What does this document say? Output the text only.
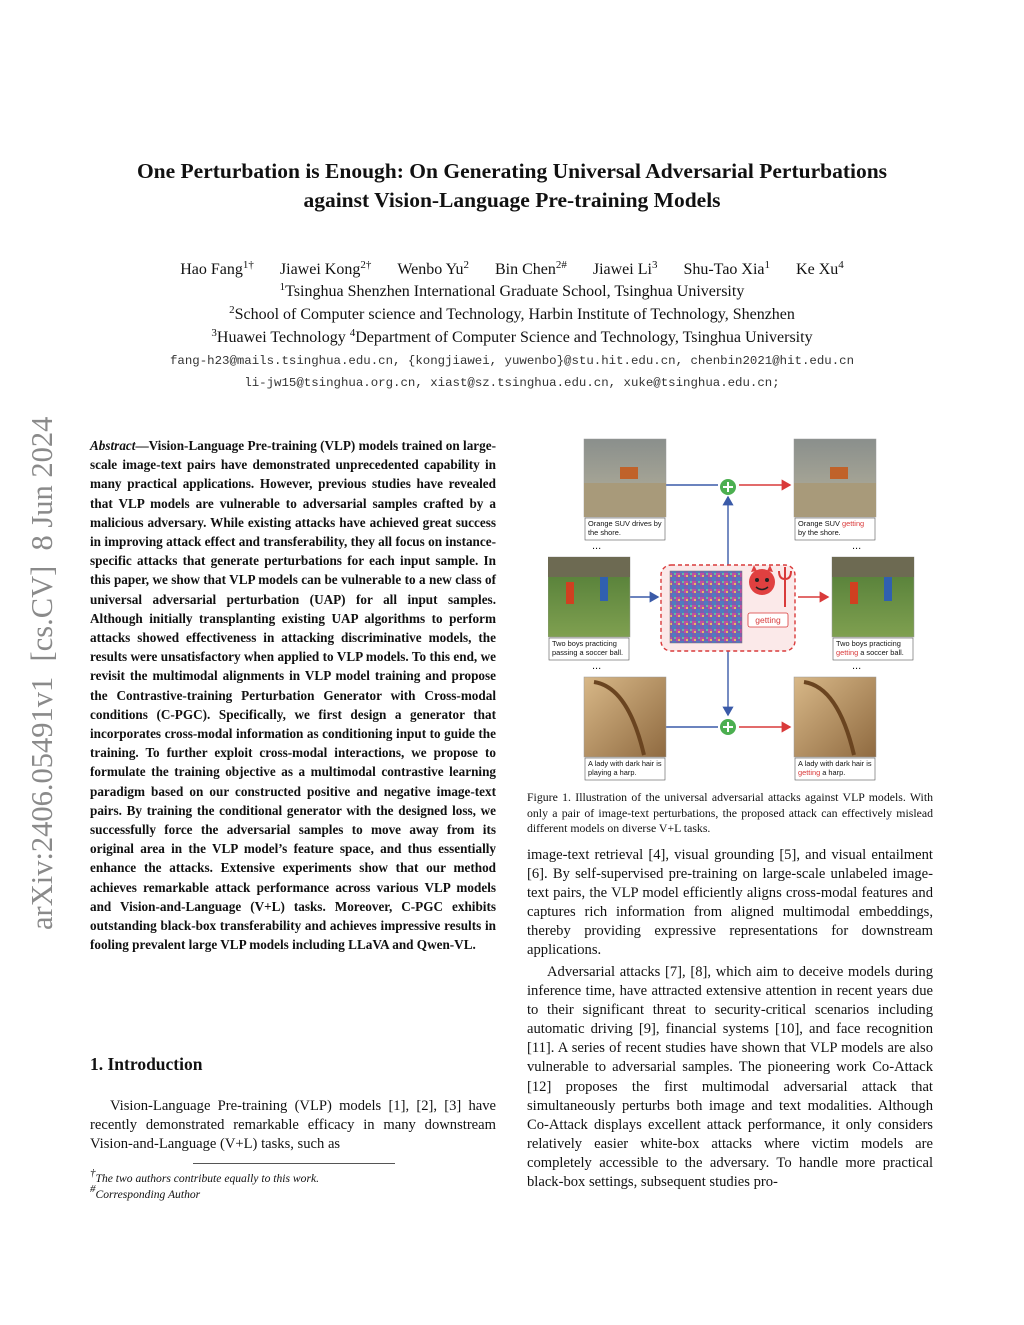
arXiv:2406.05491v1  [cs.CV]  8 Jun 2024
One Perturbation is Enough: On Generating Universal Adversarial Perturbations
against Vision-Language Pre-training Models
Hao Fang$^{1\dagger}$ Jiawei Kong$^{2\dagger}$ Wenbo Yu$^2$ Bin Chen$^{2\#}$ Jiawei Li$^3$ Shu-Tao Xia$^1$ Ke Xu$^4$
$^1$Tsinghua Shenzhen International Graduate School, Tsinghua University
$^2$School of Computer science and Technology, Harbin Institute of Technology, Shenzhen
$^3$Huawei Technology $^4$Department of Computer Science and Technology, Tsinghua University
fang-h23@mails.tsinghua.edu.cn, {kongjiawei, yuwenbo}@stu.hit.edu.cn, chenbin2021@hit.edu.cn
li-jw15@tsinghua.org.cn, xiast@sz.tsinghua.edu.cn, xuke@tsinghua.edu.cn;
Abstract—Vision-Language Pre-training (VLP) models trained on large-scale image-text pairs have demonstrated unprecedented capability in many practical applications. However, previous studies have revealed that VLP models are vulnerable to adversarial samples crafted by a malicious adversary. While existing attacks have achieved great success in improving attack effect and transferability, they all focus on instance-specific attacks that generate perturbations for each input sample. In this paper, we show that VLP models can be vulnerable to a new class of universal adversarial perturbation (UAP) for all input samples. Although initially transplanting existing UAP algorithms to perform attacks showed effectiveness in attacking discriminative models, the results were unsatisfactory when applied to VLP models. To this end, we revisit the multimodal alignments in VLP model training and propose the Contrastive-training Perturbation Generator with Cross-modal conditions (C-PGC). Specifically, we first design a generator that incorporates cross-modal information as conditioning input to guide the training. To further exploit cross-modal interactions, we propose to formulate the training objective as a multimodal contrastive learning paradigm based on our constructed positive and negative image-text pairs. By training the conditional generator with the designed loss, we successfully force the adversarial samples to move away from its original area in the VLP model’s feature space, and thus essentially enhance the attacks. Extensive experiments show that our method achieves remarkable attack performance across various VLP models and Vision-and-Language (V+L) tasks. Moreover, C-PGC exhibits outstanding black-box transferability and achieves impressive results in fooling prevalent large VLP models including LLaVA and Qwen-VL.
1. Introduction
Vision-Language Pre-training (VLP) models [1], [2], [3] have recently demonstrated remarkable efficacy in many downstream Vision-and-Language (V+L) tasks, such as
†The two authors contribute equally to this work.
#Corresponding Author
Orange SUV drives by the shore.
Two boys practicing passing a soccer ball.
A lady with dark hair is playing a harp.
Orange SUV getting by the shore.
Two boys practicing getting a soccer ball.
A lady with dark hair is getting a harp.
...
...
...
...
getting
Figure 1. Illustration of the universal adversarial attacks against VLP models. With only a pair of image-text perturbations, the proposed attack can effectively mislead different models on diverse V+L tasks.
image-text retrieval [4], visual grounding [5], and visual entailment [6]. By self-supervised pre-training on large-scale unlabeled image-text pairs, the VLP model efficiently aligns cross-modal features and captures rich information from aligned multimodal embeddings, thereby providing expressive representations for downstream applications.
Adversarial attacks [7], [8], which aim to deceive models during inference time, have attracted extensive attention in recent years due to their significant threat to security-critical scenarios including automatic driving [9], financial systems [10], and face recognition [11]. A series of recent studies have shown that VLP models are also vulnerable to adversarial samples. The pioneering work Co-Attack [12] proposes the first multimodal adversarial attack that simultaneously perturbs both image and text modalities. Although Co-Attack displays excellent attack performance, it only considers relatively easier white-box attacks where victim models are completely accessible to the adversary. To handle more practical black-box settings, subsequent studies pro-
